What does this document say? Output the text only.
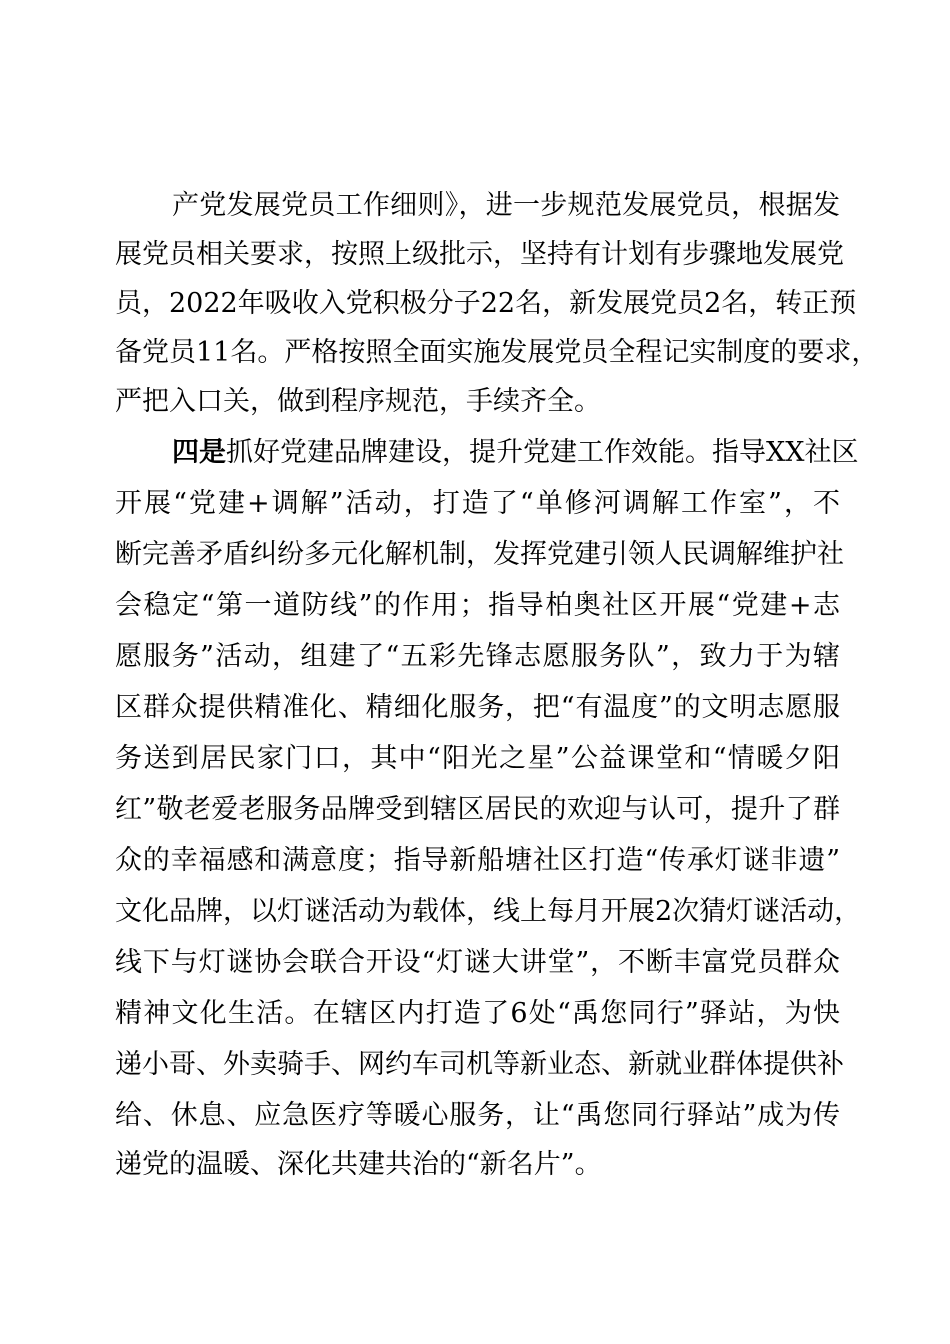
产党发展党员工作细则》，进一步规范发展党员，根据发
展党员相关要求，按照上级批示，坚持有计划有步骤地发展党
员，2022年吸收入党积极分子22名，新发展党员2名，转正预
备党员11名。严格按照全面实施发展党员全程记实制度的要求，
严把入口关，做到程序规范，手续齐全。
四是抓好党建品牌建设，提升党建工作效能。指导XX社区
开展“党建+调解”活动，打造了“单修河调解工作室”，不
断完善矛盾纠纷多元化解机制，发挥党建引领人民调解维护社
会稳定“第一道防线”的作用；指导柏奥社区开展“党建+志
愿服务”活动，组建了“五彩先锋志愿服务队”，致力于为辖
区群众提供精准化、精细化服务，把“有温度”的文明志愿服
务送到居民家门口，其中“阳光之星”公益课堂和“情暖夕阳
红”敬老爱老服务品牌受到辖区居民的欢迎与认可，提升了群
众的幸福感和满意度；指导新船塘社区打造“传承灯谜非遗”
文化品牌，以灯谜活动为载体，线上每月开展2次猜灯谜活动，
线下与灯谜协会联合开设“灯谜大讲堂”，不断丰富党员群众
精神文化生活。在辖区内打造了6处“禹您同行”驿站，为快
递小哥、外卖骑手、网约车司机等新业态、新就业群体提供补
给、休息、应急医疗等暖心服务，让“禹您同行驿站”成为传
递党的温暖、深化共建共治的“新名片”。
